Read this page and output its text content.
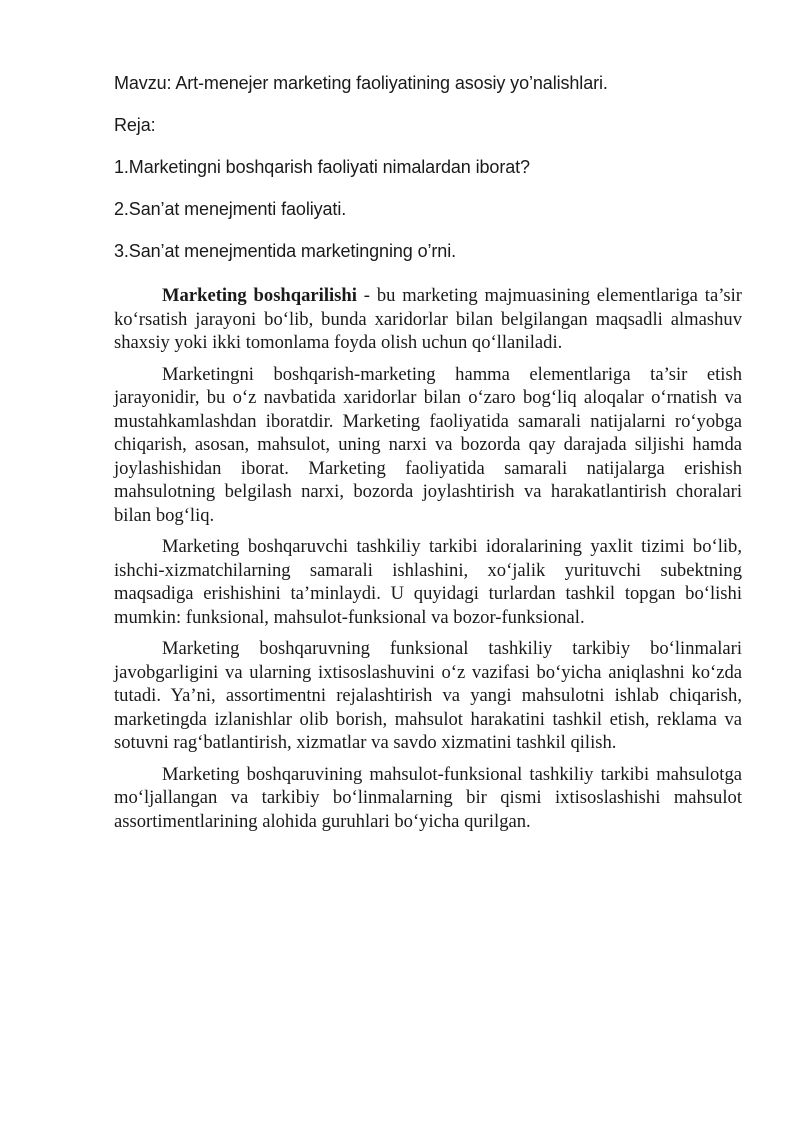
Mavzu: Art-menejer marketing faoliyatining asosiy yo’nalishlari.

Reja:

1.Marketingni boshqarish faoliyati nimalardan iborat?

2.San’at menejmenti faoliyati.

3.San’at menejmentida marketingning o’rni.

Marketing boshqarilishi - bu marketing majmuasining elementlariga ta’sir ko‘rsatish jarayoni bo‘lib, bunda xaridorlar bilan belgilangan maqsadli almashuv shaxsiy yoki ikki tomonlama foyda olish uchun qo‘llaniladi.

Marketingni boshqarish-marketing hamma elementlariga ta’sir etish jarayonidir, bu o‘z navbatida xaridorlar bilan o‘zaro bog‘liq aloqalar o‘rnatish va mustahkamlashdan iboratdir. Marketing faoliyatida samarali natijalarni ro‘yobga chiqarish, asosan, mahsulot, uning narxi va bozorda qay darajada siljishi hamda joylashishidan iborat. Marketing faoliyatida samarali natijalarga erishish mahsulotning belgilash narxi, bozorda joylashtirish va harakatlantirish choralari bilan bog‘liq.

Marketing boshqaruvchi tashkiliy tarkibi idoralarining yaxlit tizimi bo‘lib, ishchi-xizmatchilarning samarali ishlashini, xo‘jalik yurituvchi subektning maqsadiga erishishini ta’minlaydi. U quyidagi turlardan tashkil topgan bo‘lishi mumkin: funksional, mahsulot-funksional va bozor-funksional.

Marketing boshqaruvning funksional tashkiliy tarkibiy bo‘linmalari javobgarligini va ularning ixtisoslashuvini o‘z vazifasi bo‘yicha aniqlashni ko‘zda tutadi. Ya’ni, assortimentni rejalashtirish va yangi mahsulotni ishlab chiqarish, marketingda izlanishlar olib borish, mahsulot harakatini tashkil etish, reklama va sotuvni rag‘batlantirish, xizmatlar va savdo xizmatini tashkil qilish.

Marketing boshqaruvining mahsulot-funksional tashkiliy tarkibi mahsulotga mo‘ljallangan va tarkibiy bo‘linmalarning bir qismi ixtisoslashishi mahsulot assortimentlarining alohida guruhlari bo‘yicha qurilgan.
